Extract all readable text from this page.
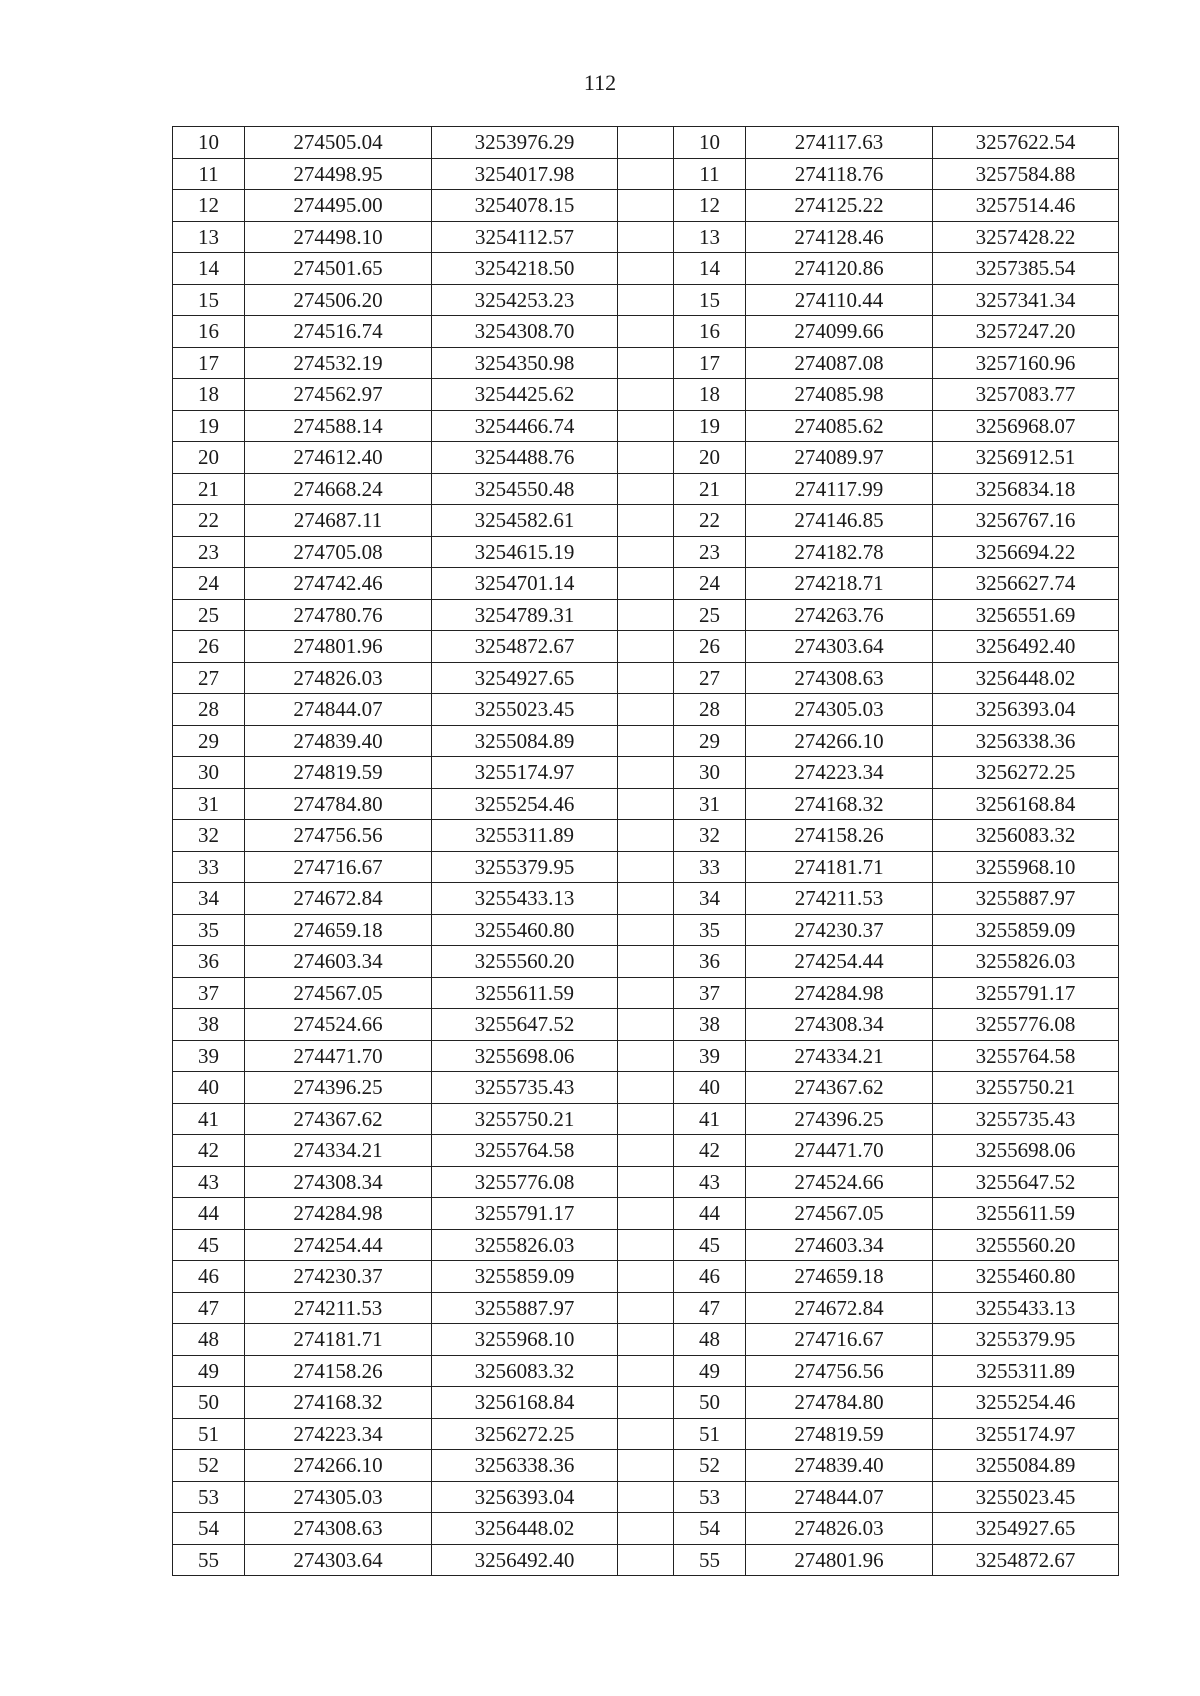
112
10	274505.04	3253976.29		10	274117.63	3257622.54
11	274498.95	3254017.98		11	274118.76	3257584.88
12	274495.00	3254078.15		12	274125.22	3257514.46
13	274498.10	3254112.57		13	274128.46	3257428.22
14	274501.65	3254218.50		14	274120.86	3257385.54
15	274506.20	3254253.23		15	274110.44	3257341.34
16	274516.74	3254308.70		16	274099.66	3257247.20
17	274532.19	3254350.98		17	274087.08	3257160.96
18	274562.97	3254425.62		18	274085.98	3257083.77
19	274588.14	3254466.74		19	274085.62	3256968.07
20	274612.40	3254488.76		20	274089.97	3256912.51
21	274668.24	3254550.48		21	274117.99	3256834.18
22	274687.11	3254582.61		22	274146.85	3256767.16
23	274705.08	3254615.19		23	274182.78	3256694.22
24	274742.46	3254701.14		24	274218.71	3256627.74
25	274780.76	3254789.31		25	274263.76	3256551.69
26	274801.96	3254872.67		26	274303.64	3256492.40
27	274826.03	3254927.65		27	274308.63	3256448.02
28	274844.07	3255023.45		28	274305.03	3256393.04
29	274839.40	3255084.89		29	274266.10	3256338.36
30	274819.59	3255174.97		30	274223.34	3256272.25
31	274784.80	3255254.46		31	274168.32	3256168.84
32	274756.56	3255311.89		32	274158.26	3256083.32
33	274716.67	3255379.95		33	274181.71	3255968.10
34	274672.84	3255433.13		34	274211.53	3255887.97
35	274659.18	3255460.80		35	274230.37	3255859.09
36	274603.34	3255560.20		36	274254.44	3255826.03
37	274567.05	3255611.59		37	274284.98	3255791.17
38	274524.66	3255647.52		38	274308.34	3255776.08
39	274471.70	3255698.06		39	274334.21	3255764.58
40	274396.25	3255735.43		40	274367.62	3255750.21
41	274367.62	3255750.21		41	274396.25	3255735.43
42	274334.21	3255764.58		42	274471.70	3255698.06
43	274308.34	3255776.08		43	274524.66	3255647.52
44	274284.98	3255791.17		44	274567.05	3255611.59
45	274254.44	3255826.03		45	274603.34	3255560.20
46	274230.37	3255859.09		46	274659.18	3255460.80
47	274211.53	3255887.97		47	274672.84	3255433.13
48	274181.71	3255968.10		48	274716.67	3255379.95
49	274158.26	3256083.32		49	274756.56	3255311.89
50	274168.32	3256168.84		50	274784.80	3255254.46
51	274223.34	3256272.25		51	274819.59	3255174.97
52	274266.10	3256338.36		52	274839.40	3255084.89
53	274305.03	3256393.04		53	274844.07	3255023.45
54	274308.63	3256448.02		54	274826.03	3254927.65
55	274303.64	3256492.40		55	274801.96	3254872.67
